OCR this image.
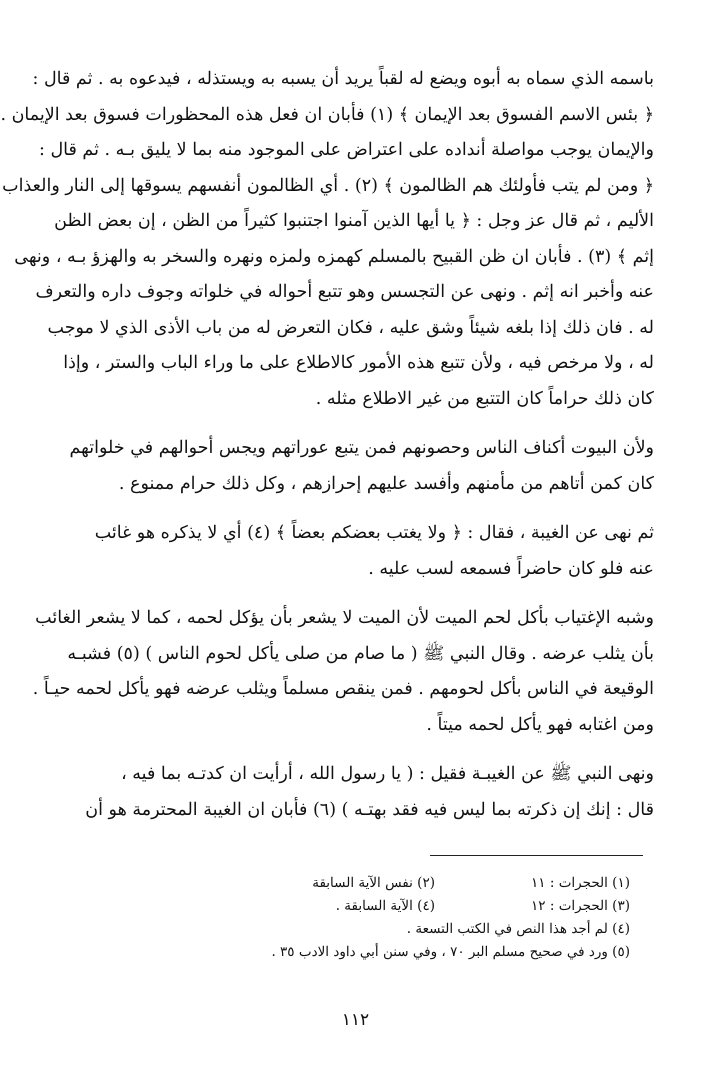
باسمه الذي سماه به أبوه ويضع له لقباً يريد أن يسبه به ويستذله ، فيدعوه به . ثم قال :
﴿ بئس الاسم الفسوق بعد الإيمان ﴾ (١) فأبان ان فعل هذه المحظورات فسوق بعد الإيمان .
والإيمان يوجب مواصلة أنداده على اعتراض على الموجود منه بما لا يليق بـه . ثم قال :
﴿ ومن لم يتب فأولئك هم الظالمون ﴾ (٢) . أي الظالمون أنفسهم يسوقها إلى النار والعذاب
الأليم ، ثم قال عز وجل : ﴿ يا أيها الذين آمنوا اجتنبوا كثيراً من الظن ، إن بعض الظن
إثم ﴾ (٣) . فأبان ان ظن القبيح بالمسلم كهمزه ولمزه ونهره والسخر به والهزؤ بـه ، ونهى
عنه وأخبر انه إثم . ونهى عن التجسس وهو تتبع أحواله في خلواته وجوف داره والتعرف
له . فان ذلك إذا بلغه شيئاً وشق عليه ، فكان التعرض له من باب الأذى الذي لا موجب
له ، ولا مرخص فيه ، ولأن تتبع هذه الأمور كالاطلاع على ما وراء الباب والستر ، وإذا
كان ذلك حراماً كان التتبع من غير الاطلاع مثله .
ولأن البيوت أكناف الناس وحصونهم فمن يتبع عوراتهم ويجس أحوالهم في خلواتهم
كان كمن أتاهم من مأمنهم وأفسد عليهم إحرازهم ، وكل ذلك حرام ممنوع .
ثم نهى عن الغيبة ، فقال : ﴿ ولا يغتب بعضكم بعضاً ﴾ (٤) أي لا يذكره هو غائب
عنه فلو كان حاضراً فسمعه لسب عليه .
وشبه الإغتياب بأكل لحم الميت لأن الميت لا يشعر بأن يؤكل لحمه ، كما لا يشعر الغائب
بأن يثلب عرضه . وقال النبي ﷺ ( ما صام من صلى يأكل لحوم الناس ) (٥) فشبـه
الوقيعة في الناس بأكل لحومهم . فمن ينقص مسلماً ويثلب عرضه فهو يأكل لحمه حيـاً .
ومن اغتابه فهو يأكل لحمه ميتاً .
ونهى النبي ﷺ عن الغيبـة فقيل : ( يا رسول الله ، أرأيت ان كدتـه بما فيه ،
قال : إنك إن ذكرته بما ليس فيه فقد بهتـه ) (٦) فأبان ان الغيبة المحترمة هو أن
(١) الحجرات : ١١
(٢) نفس الآية السابقة
(٣) الحجرات : ١٢
(٤) الآية السابقة .
(٤) لم أجد هذا النص في الكتب التسعة .
(٥) ورد في صحيح مسلم البر ٧٠ ، وفي سنن أبي داود الادب ٣٥ .
١١٢
